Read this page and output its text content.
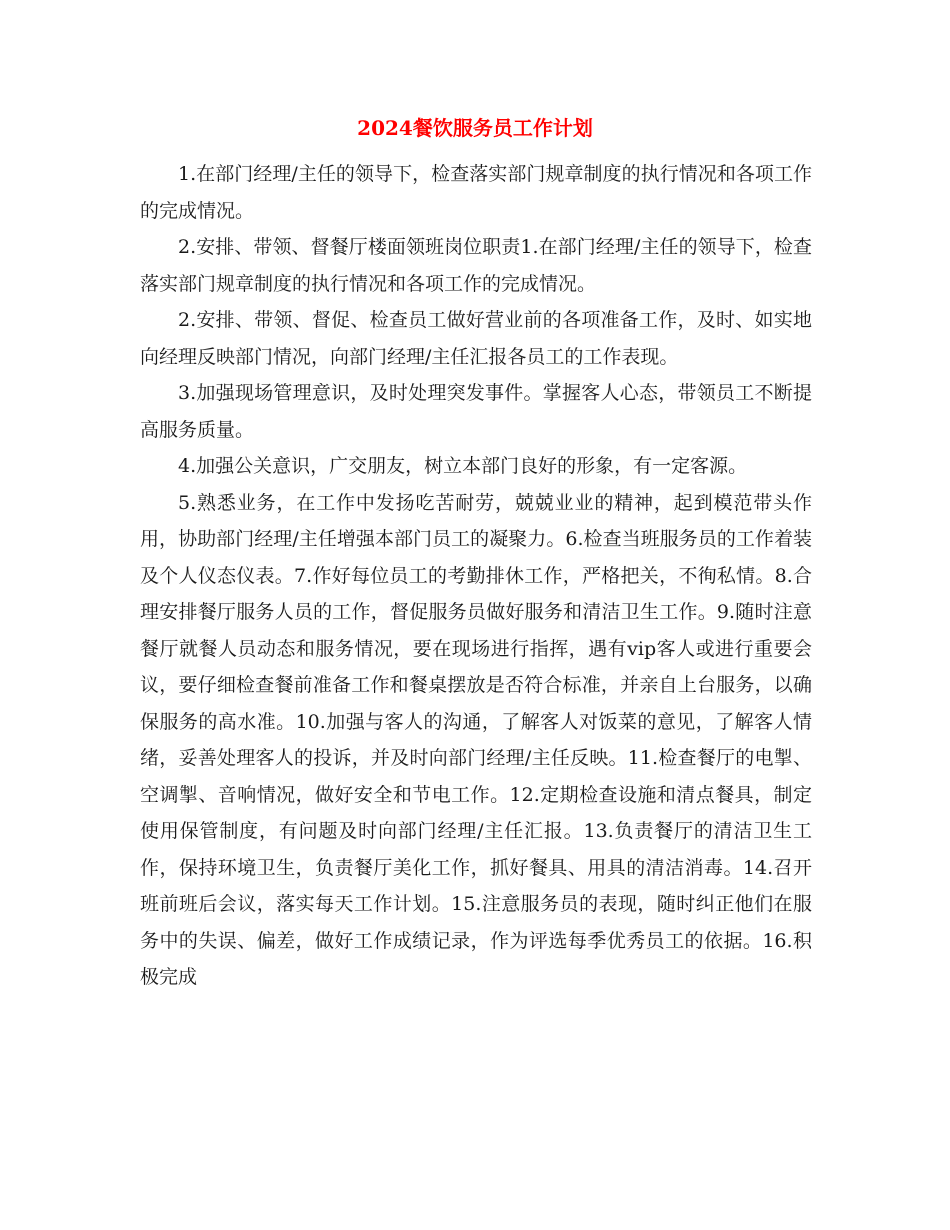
2024餐饮服务员工作计划

1.在部门经理/主任的领导下，检查落实部门规章制度的执行情况和各项工作的完成情况。

2.安排、带领、督餐厅楼面领班岗位职责1.在部门经理/主任的领导下，检查落实部门规章制度的执行情况和各项工作的完成情况。

2.安排、带领、督促、检查员工做好营业前的各项准备工作，及时、如实地向经理反映部门情况，向部门经理/主任汇报各员工的工作表现。

3.加强现场管理意识，及时处理突发事件。掌握客人心态，带领员工不断提高服务质量。

4.加强公关意识，广交朋友，树立本部门良好的形象，有一定客源。

5.熟悉业务，在工作中发扬吃苦耐劳，兢兢业业的精神，起到模范带头作用，协助部门经理/主任增强本部门员工的凝聚力。6.检查当班服务员的工作着装及个人仪态仪表。7.作好每位员工的考勤排休工作，严格把关，不徇私情。8.合理安排餐厅服务人员的工作，督促服务员做好服务和清洁卫生工作。9.随时注意餐厅就餐人员动态和服务情况，要在现场进行指挥，遇有vip客人或进行重要会议，要仔细检查餐前准备工作和餐桌摆放是否符合标准，并亲自上台服务，以确保服务的高水准。10.加强与客人的沟通，了解客人对饭菜的意见，了解客人情绪，妥善处理客人的投诉，并及时向部门经理/主任反映。11.检查餐厅的电掣、空调掣、音响情况，做好安全和节电工作。12.定期检查设施和清点餐具，制定使用保管制度，有问题及时向部门经理/主任汇报。13.负责餐厅的清洁卫生工作，保持环境卫生，负责餐厅美化工作，抓好餐具、用具的清洁消毒。14.召开班前班后会议，落实每天工作计划。15.注意服务员的表现，随时纠正他们在服务中的失误、偏差，做好工作成绩记录，作为评选每季优秀员工的依据。16.积极完成
